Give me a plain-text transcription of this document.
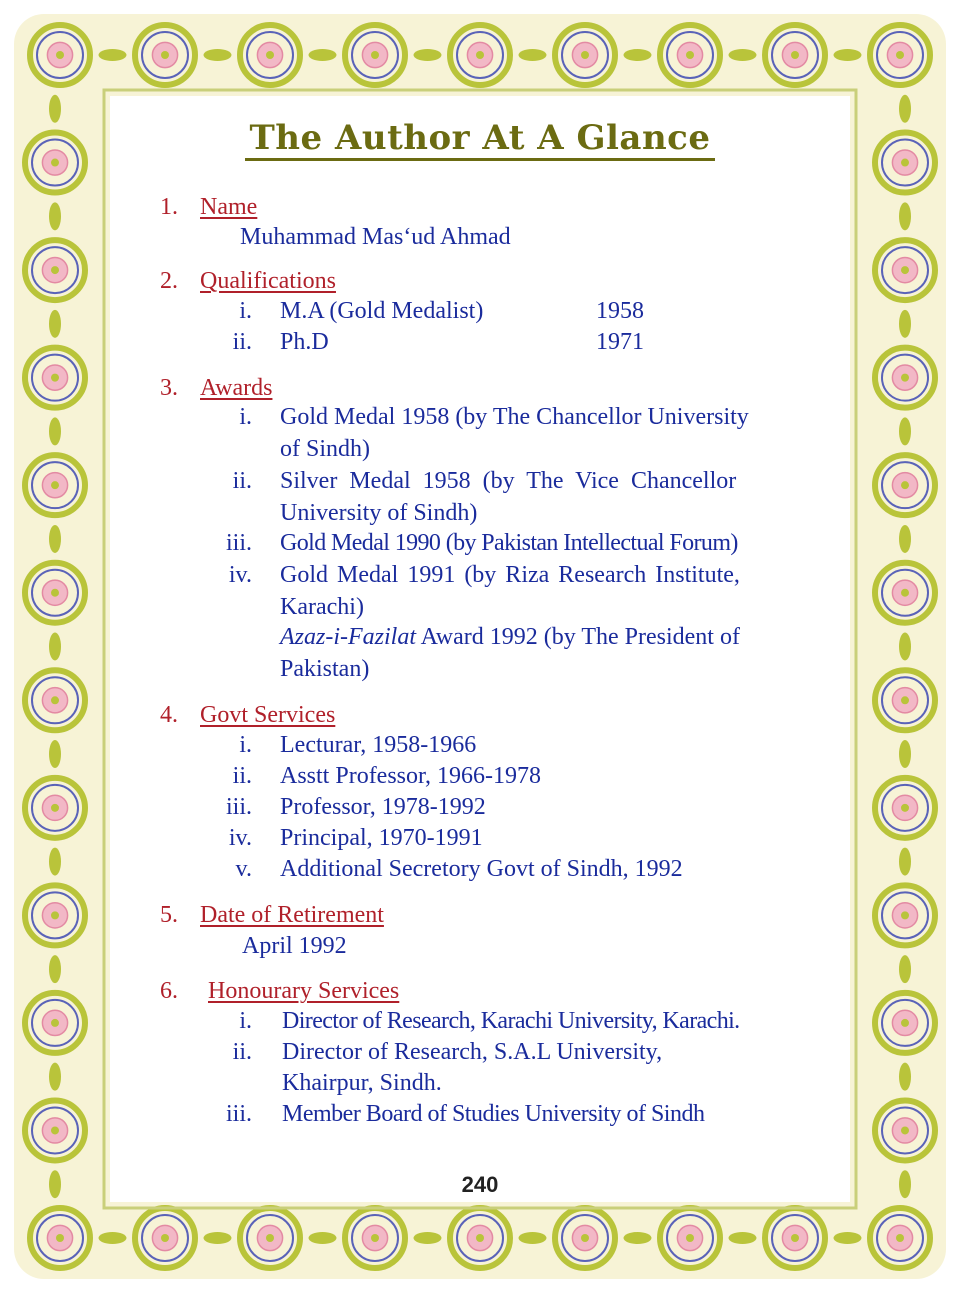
The Author At A Glance
1. Name
Muhammad Mas‘ud Ahmad
2. Qualifications
i. M.A (Gold Medalist)	1958
ii. Ph.D	1971
3. Awards
i. Gold Medal 1958 (by The Chancellor University
of Sindh)
ii. Silver Medal 1958 (by The Vice Chancellor
University of Sindh)
iii. Gold Medal 1990 (by Pakistan Intellectual Forum)
iv. Gold Medal 1991 (by Riza Research Institute,
Karachi)
Azaz-i-Fazilat Award 1992 (by The President of
Pakistan)
4. Govt Services
i. Lecturar, 1958-1966
ii. Asstt Professor, 1966-1978
iii. Professor, 1978-1992
iv. Principal, 1970-1991
v. Additional Secretory Govt of Sindh, 1992
5. Date of Retirement
April 1992
6. Honourary Services
i. Director of Research, Karachi University, Karachi.
ii. Director of Research, S.A.L University,
Khairpur, Sindh.
iii. Member Board of Studies University of Sindh
240
